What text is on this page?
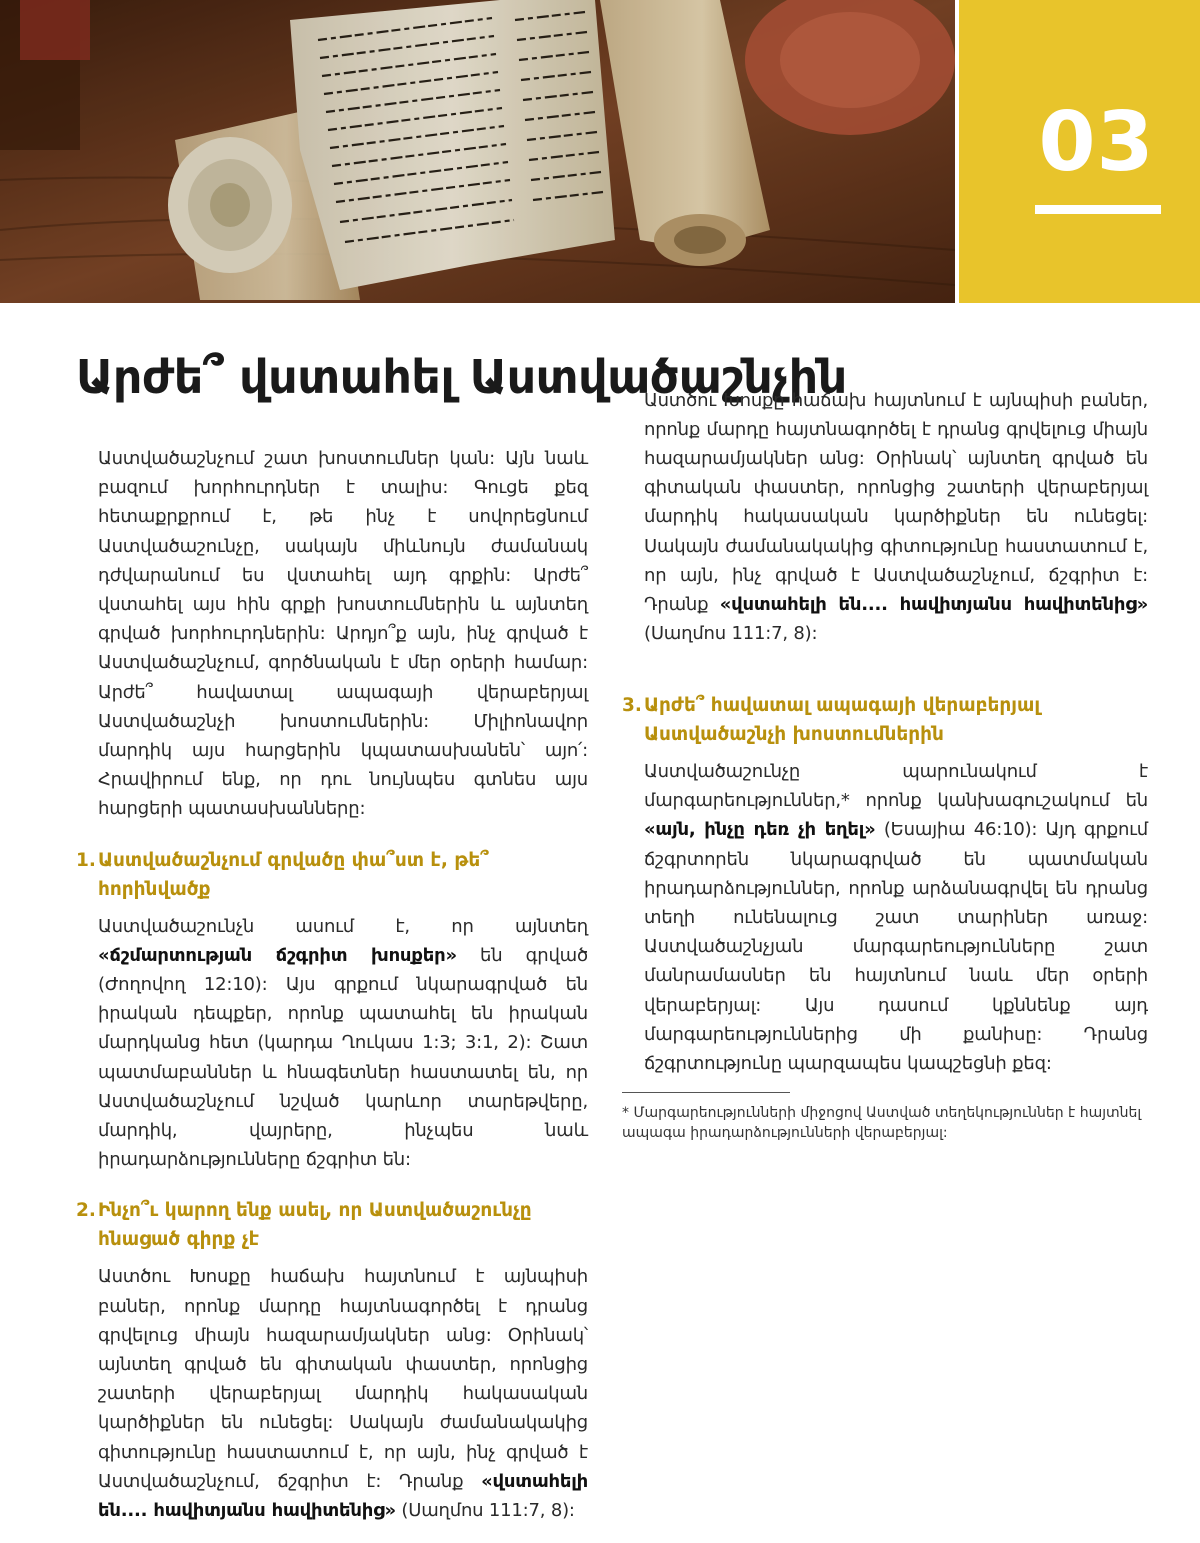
03
Արժե՞ վստահել Աստվածաշնչին

Աստվածաշնչում շատ խոստումներ կան: Այն նաև բազում խորհուրդներ է տալիս: Գուցե քեզ հետաքրքրում է, թե ինչ է սովորեցնում Աստվածաշունչը, սակայն միևնույն ժամանակ դժվարանում ես վստահել այդ գրքին: Արժե՞ վստահել այս հին գրքի խոստումներին և այնտեղ գրված խորհուրդներին: Արդյո՞ք այն, ինչ գրված է Աստվածաշնչում, գործնական է մեր օրերի համար: Արժե՞ հավատալ ապագայի վերաբերյալ Աստվածաշնչի խոստումներին: Միլիոնավոր մարդիկ այս հարցերին կպատասխանեն՝ այո՛: Հրավիրում ենք, որ դու նույնպես գտնես այս հարցերի պատասխանները:

1. Աստվածաշնչում գրվածը փա՞ստ է, թե՞ հորինվածք

Աստվածաշունչն ասում է, որ այնտեղ «ճշմարտության ճշգրիտ խոսքեր» են գրված (Ժողովող 12:10): Այս գրքում նկարագրված են իրական դեպքեր, որոնք պատահել են իրական մարդկանց հետ (կարդա Ղուկաս 1:3; 3:1, 2): Շատ պատմաբաններ և հնագետներ հաստատել են, որ Աստվածաշնչում նշված կարևոր տարեթվերը, մարդիկ, վայրերը, ինչպես նաև իրադարձությունները ճշգրիտ են:

2. Ինչո՞ւ կարող ենք ասել, որ Աստվածաշունչը հնացած գիրք չէ

Աստծու Խոսքը հաճախ հայտնում է այնպիսի բաներ, որոնք մարդը հայտնագործել է դրանց գրվելուց միայն հազարամյակներ անց: Օրինակ՝ այնտեղ գրված են գիտական փաստեր, որոնցից շատերի վերաբերյալ մարդիկ հակասական կարծիքներ են ունեցել: Սակայն ժամանակակից գիտությունը հաստատում է, որ այն, ինչ գրված է Աստվածաշնչում, ճշգրիտ է: Դրանք «վստահելի են.... հավիտյանս հավիտենից» (Սաղմոս 111:7, 8):

Աստծու Խոսքը հաճախ հայտնում է այնպիսի բաներ, որոնք մարդը հայտնագործել է դրանց գրվելուց միայն հազարամյակներ անց: Օրինակ՝ այնտեղ գրված են գիտական փաստեր, որոնցից շատերի վերաբերյալ մարդիկ հակասական կարծիքներ են ունեցել: Սակայն ժամանակակից գիտությունը հաստատում է, որ այն, ինչ գրված է Աստվածաշնչում, ճշգրիտ է: Դրանք «վստահելի են.... հավիտյանս հավիտենից» (Սաղմոս 111:7, 8):

3. Արժե՞ հավատալ ապագայի վերաբերյալ Աստվածաշնչի խոստումներին

Աստվածաշունչը պարունակում է մարգարեություններ,* որոնք կանխագուշակում են «այն, ինչը դեռ չի եղել» (Եսայիա 46:10): Այդ գրքում ճշգրտորեն նկարագրված են պատմական իրադարձություններ, որոնք արձանագրվել են դրանց տեղի ունենալուց շատ տարիներ առաջ: Աստվածաշնչյան մարգարեությունները շատ մանրամասներ են հայտնում նաև մեր օրերի վերաբերյալ: Այս դասում կքննենք այդ մարգարեություններից մի քանիսը: Դրանց ճշգրտությունը պարզապես կապշեցնի քեզ:

* Մարգարեությունների միջոցով Աստված տեղեկություններ է հայտնել ապագա իրադարձությունների վերաբերյալ:
